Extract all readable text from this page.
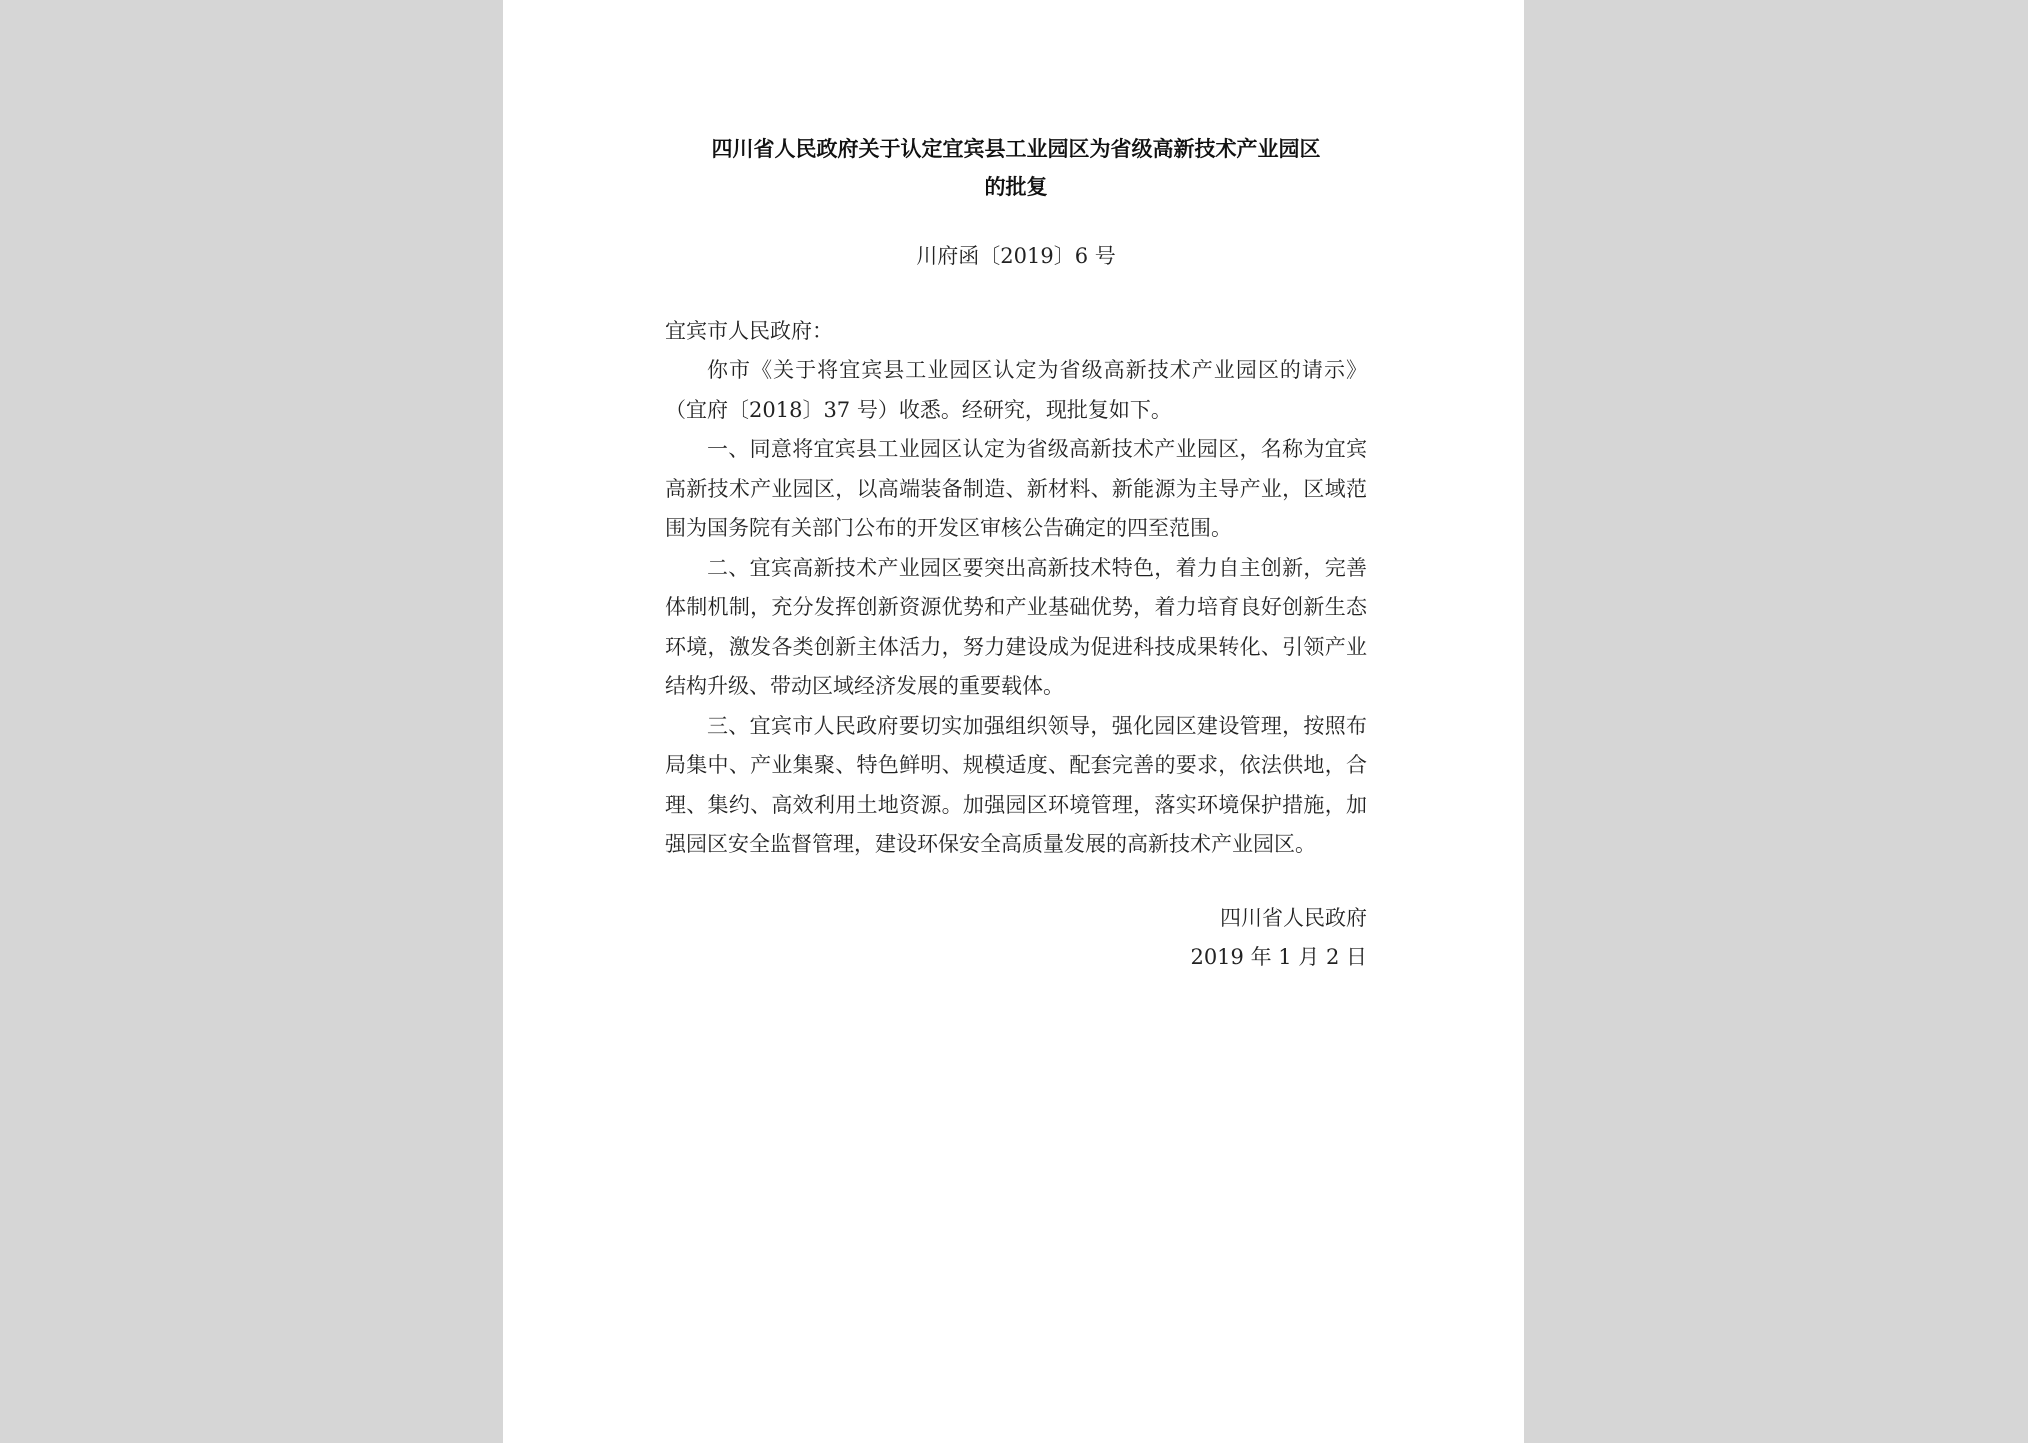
四川省人民政府关于认定宜宾县工业园区为省级高新技术产业园区
的批复
川府函〔2019〕6 号

宜宾市人民政府：

你市《关于将宜宾县工业园区认定为省级高新技术产业园区的请示》（宜府〔2018〕37 号）收悉。经研究，现批复如下。

一、同意将宜宾县工业园区认定为省级高新技术产业园区，名称为宜宾高新技术产业园区，以高端装备制造、新材料、新能源为主导产业，区域范围为国务院有关部门公布的开发区审核公告确定的四至范围。

二、宜宾高新技术产业园区要突出高新技术特色，着力自主创新，完善体制机制，充分发挥创新资源优势和产业基础优势，着力培育良好创新生态环境，激发各类创新主体活力，努力建设成为促进科技成果转化、引领产业结构升级、带动区域经济发展的重要载体。

三、宜宾市人民政府要切实加强组织领导，强化园区建设管理，按照布局集中、产业集聚、特色鲜明、规模适度、配套完善的要求，依法供地，合理、集约、高效利用土地资源。加强园区环境管理，落实环境保护措施，加强园区安全监督管理，建设环保安全高质量发展的高新技术产业园区。

四川省人民政府
2019 年 1 月 2 日
